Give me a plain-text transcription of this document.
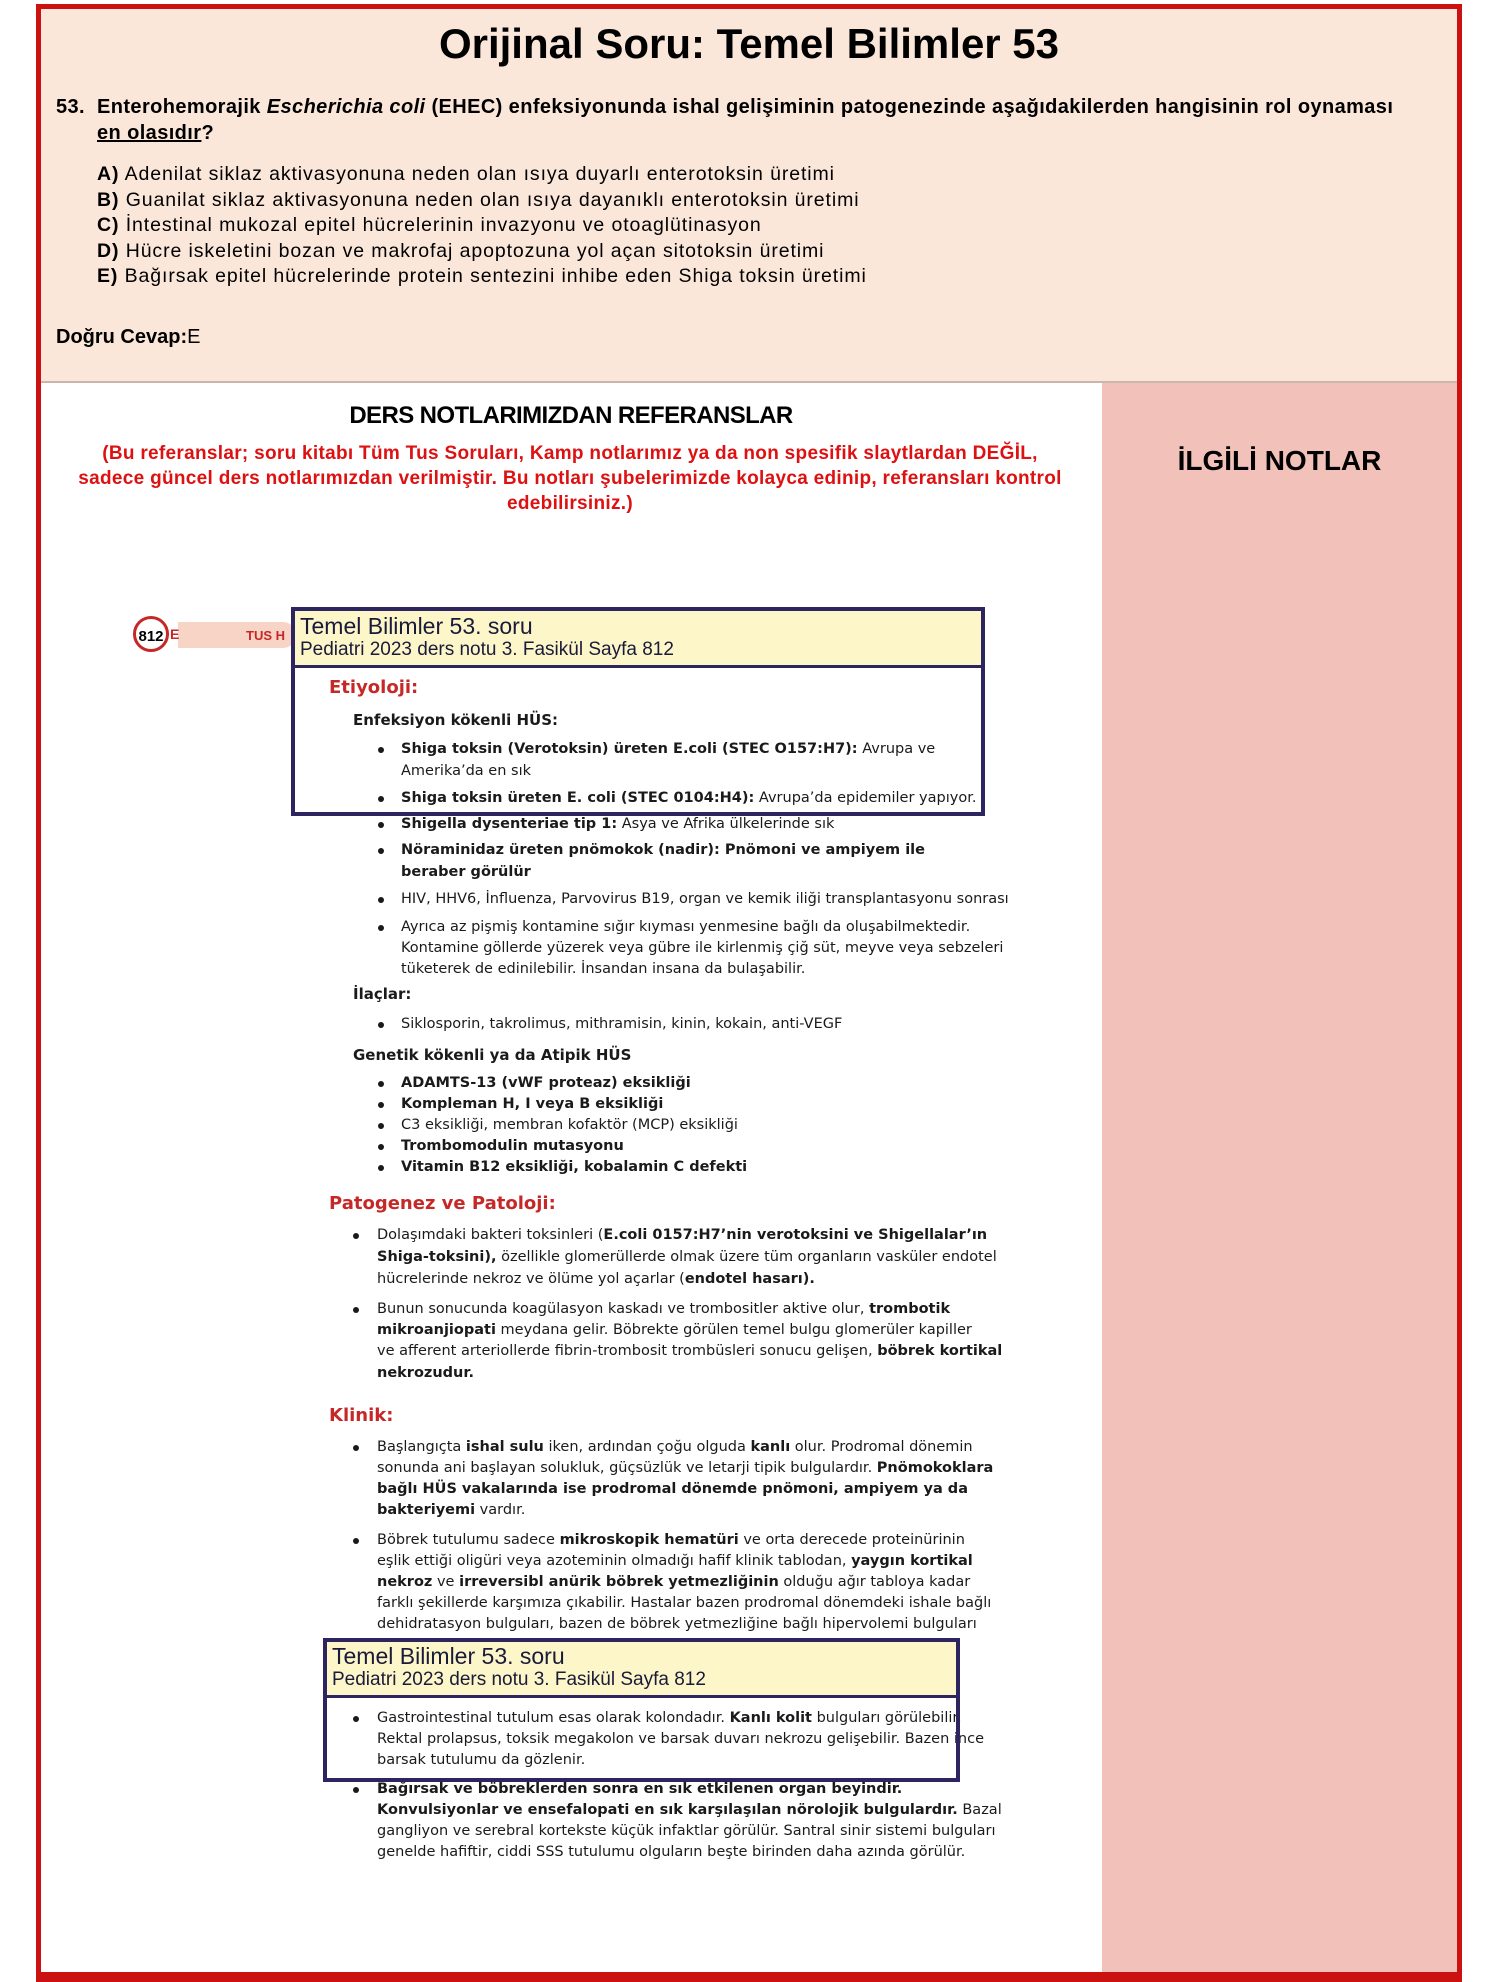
Orijinal Soru: Temel Bilimler 53
53. Enterohemorajik Escherichia coli (EHEC) enfeksiyonunda ishal gelişiminin patogenezinde aşağıdakilerden hangisinin rol oynaması en olasıdır?
A) Adenilat siklaz aktivasyonuna neden olan ısıya duyarlı enterotoksin üretimi
B) Guanilat siklaz aktivasyonuna neden olan ısıya dayanıklı enterotoksin üretimi
C) İntestinal mukozal epitel hücrelerinin invazyonu ve otoaglütinasyon
D) Hücre iskeletini bozan ve makrofaj apoptozuna yol açan sitotoksin üretimi
E) Bağırsak epitel hücrelerinde protein sentezini inhibe eden Shiga toksin üretimi
Doğru Cevap:E
DERS NOTLARIMIZDAN REFERANSLAR
(Bu referanslar; soru kitabı Tüm Tus Soruları, Kamp notlarımız ya da non spesifik slaytlardan DEĞİL, sadece güncel ders notlarımızdan verilmiştir. Bu notları şubelerimizde kolayca edinip, referansları kontrol edebilirsiniz.)
İLGİLİ NOTLAR
812 E	TUS H
Etiyoloji:
Enfeksiyon kökenli HÜS:
Shiga toksin (Verotoksin) üreten E.coli (STEC O157:H7): Avrupa ve
Amerika’da en sık
Shiga toksin üreten E. coli (STEC 0104:H4): Avrupa’da epidemiler yapıyor.
Shigella dysenteriae tip 1: Asya ve Afrika ülkelerinde sık
Nöraminidaz üreten pnömokok (nadir): Pnömoni ve ampiyem ile
beraber görülür
HIV, HHV6, İnfluenza, Parvovirus B19, organ ve kemik iliği transplantasyonu sonrası
Ayrıca az pişmiş kontamine sığır kıyması yenmesine bağlı da oluşabilmektedir.
Kontamine göllerde yüzerek veya gübre ile kirlenmiş çiğ süt, meyve veya sebzeleri
tüketerek de edinilebilir. İnsandan insana da bulaşabilir.
İlaçlar:
Siklosporin, takrolimus, mithramisin, kinin, kokain, anti-VEGF
Genetik kökenli ya da Atipik HÜS
ADAMTS-13 (vWF proteaz) eksikliği
Kompleman H, I veya B eksikliği
C3 eksikliği, membran kofaktör (MCP) eksikliği
Trombomodulin mutasyonu
Vitamin B12 eksikliği, kobalamin C defekti
Patogenez ve Patoloji:
Dolaşımdaki bakteri toksinleri (E.coli 0157:H7’nin verotoksini ve Shigellalar’ın
Shiga-toksini), özellikle glomerüllerde olmak üzere tüm organların vasküler endotel
hücrelerinde nekroz ve ölüme yol açarlar (endotel hasarı).
Bunun sonucunda koagülasyon kaskadı ve trombositler aktive olur, trombotik
mikroanjiopati meydana gelir. Böbrekte görülen temel bulgu glomerüler kapiller
ve afferent arteriollerde fibrin-trombosit trombüsleri sonucu gelişen, böbrek kortikal
nekrozudur.
Klinik:
Başlangıçta ishal sulu iken, ardından çoğu olguda kanlı olur. Prodromal dönemin
sonunda ani başlayan solukluk, güçsüzlük ve letarji tipik bulgulardır. Pnömokoklara
bağlı HÜS vakalarında ise prodromal dönemde pnömoni, ampiyem ya da
bakteriyemi vardır.
Böbrek tutulumu sadece mikroskopik hematüri ve orta derecede proteinürinin
eşlik ettiği oligüri veya azoteminin olmadığı hafif klinik tablodan, yaygın kortikal
nekroz ve irreversibl anürik böbrek yetmezliğinin olduğu ağır tabloya kadar
farklı şekillerde karşımıza çıkabilir. Hastalar bazen prodromal dönemdeki ishale bağlı
dehidratasyon bulguları, bazen de böbrek yetmezliğine bağlı hipervolemi bulguları
Gastrointestinal tutulum esas olarak kolondadır. Kanlı kolit bulguları görülebilir.
Rektal prolapsus, toksik megakolon ve barsak duvarı nekrozu gelişebilir. Bazen ince
barsak tutulumu da gözlenir.
Bağırsak ve böbreklerden sonra en sık etkilenen organ beyindir.
Konvulsiyonlar ve ensefalopati en sık karşılaşılan nörolojik bulgulardır. Bazal
gangliyon ve serebral kortekste küçük infaktlar görülür. Santral sinir sistemi bulguları
genelde hafiftir, ciddi SSS tutulumu olguların beşte birinden daha azında görülür.
Temel Bilimler 53. soru
Pediatri 2023 ders notu 3. Fasikül Sayfa 812
Temel Bilimler 53. soru
Pediatri 2023 ders notu 3. Fasikül Sayfa 812
